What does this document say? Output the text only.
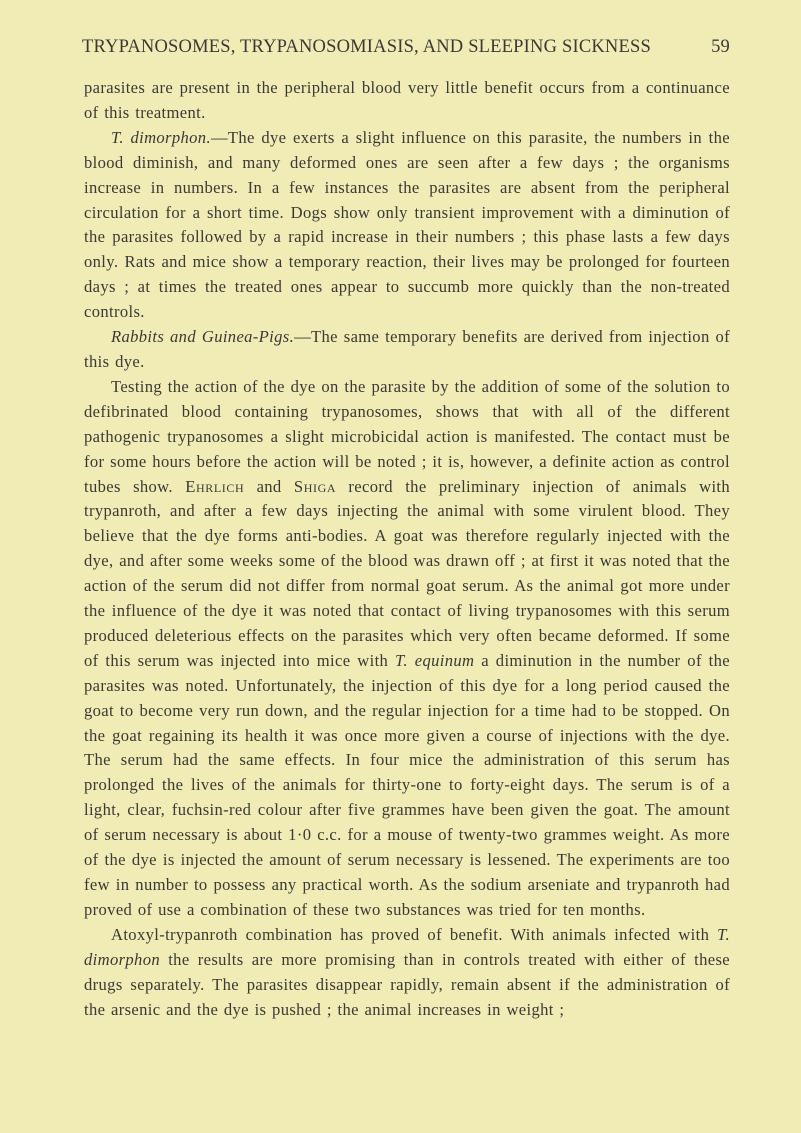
TRYPANOSOMES, TRYPANOSOMIASIS, AND SLEEPING SICKNESS	59

parasites are present in the peripheral blood very little benefit occurs from a continuance of this treatment.

T. dimorphon.—The dye exerts a slight influence on this parasite, the numbers in the blood diminish, and many deformed ones are seen after a few days ; the organisms increase in numbers. In a few instances the parasites are absent from the peripheral circulation for a short time. Dogs show only transient improvement with a diminution of the parasites followed by a rapid increase in their numbers ; this phase lasts a few days only. Rats and mice show a temporary reaction, their lives may be prolonged for fourteen days ; at times the treated ones appear to succumb more quickly than the non-treated controls.

Rabbits and Guinea-Pigs.—The same temporary benefits are derived from injection of this dye.

Testing the action of the dye on the parasite by the addition of some of the solution to defibrinated blood containing trypanosomes, shows that with all of the different pathogenic trypanosomes a slight microbicidal action is manifested. The contact must be for some hours before the action will be noted ; it is, however, a definite action as control tubes show. Ehrlich and Shiga record the preliminary injection of animals with trypanroth, and after a few days injecting the animal with some virulent blood. They believe that the dye forms anti-bodies. A goat was therefore regularly injected with the dye, and after some weeks some of the blood was drawn off ; at first it was noted that the action of the serum did not differ from normal goat serum. As the animal got more under the influence of the dye it was noted that contact of living trypanosomes with this serum produced deleterious effects on the parasites which very often became deformed. If some of this serum was injected into mice with T. equinum a diminution in the number of the parasites was noted. Unfortunately, the injection of this dye for a long period caused the goat to become very run down, and the regular injection for a time had to be stopped. On the goat regaining its health it was once more given a course of injections with the dye. The serum had the same effects. In four mice the administration of this serum has prolonged the lives of the animals for thirty-one to forty-eight days. The serum is of a light, clear, fuchsin-red colour after five grammes have been given the goat. The amount of serum necessary is about 1·0 c.c. for a mouse of twenty-two grammes weight. As more of the dye is injected the amount of serum necessary is lessened. The experiments are too few in number to possess any practical worth. As the sodium arseniate and trypanroth had proved of use a combination of these two substances was tried for ten months.

Atoxyl-trypanroth combination has proved of benefit. With animals infected with T. dimorphon the results are more promising than in controls treated with either of these drugs separately. The parasites disappear rapidly, remain absent if the administration of the arsenic and the dye is pushed ; the animal increases in weight ;
